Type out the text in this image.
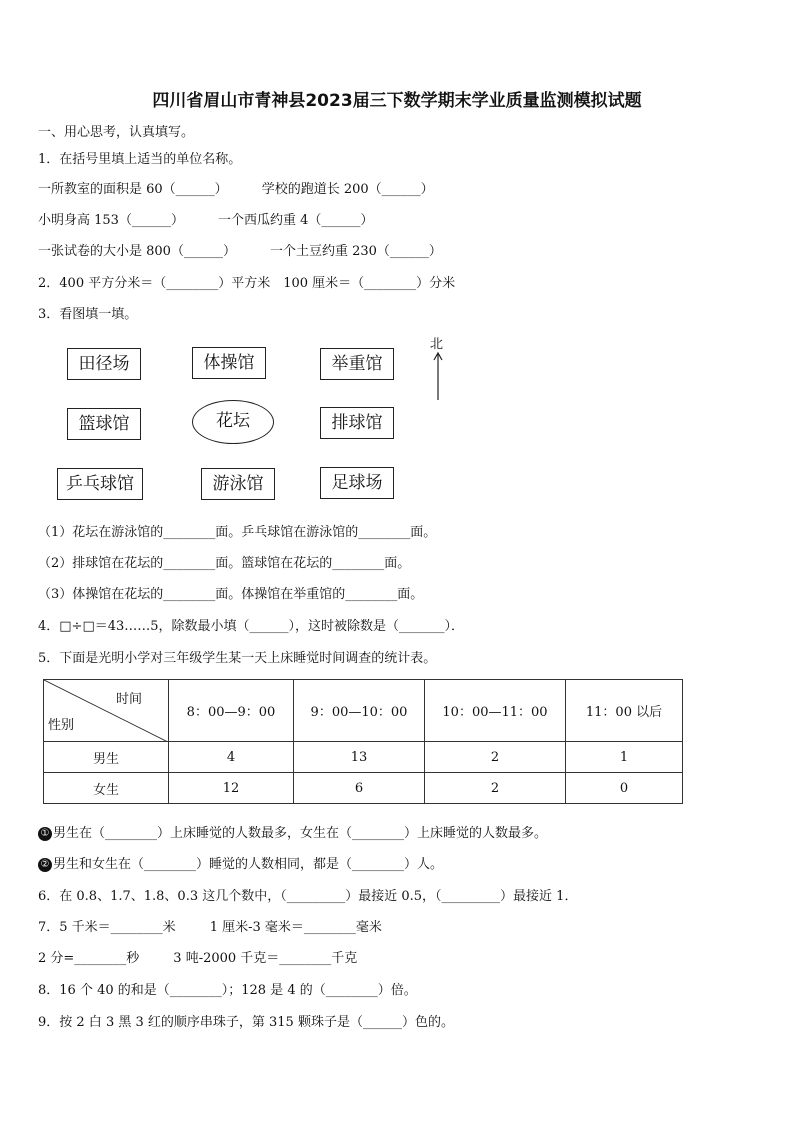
四川省眉山市青神县2023届三下数学期末学业质量监测模拟试题
一、用心思考，认真填写。
1．在括号里填上适当的单位名称。
一所教室的面积是 60（______）	学校的跑道长 200（______）
小明身高 153（______）	一个西瓜约重 4（______）
一张试卷的大小是 800（______）	一个土豆约重 230（______）
2．400 平方分米＝（________）平方米　100 厘米＝（________）分米
3．看图填一填。
田径场	体操馆	举重馆
篮球馆	花坛	排球馆
乒乓球馆	游泳馆	足球场
北
（1）花坛在游泳馆的________面。乒乓球馆在游泳馆的________面。
（2）排球馆在花坛的________面。篮球馆在花坛的________面。
（3）体操馆在花坛的________面。体操馆在举重馆的________面。
4．□÷□＝43……5，除数最小填（______），这时被除数是（_______）．
5．下面是光明小学对三年级学生某一天上床睡觉时间调查的统计表。
时间
性别	8：00—9：00	9：00—10：00	10：00—11：00	11：00 以后
男生	4	13	2	1
女生	12	6	2	0
① 男生在（________）上床睡觉的人数最多，女生在（________）上床睡觉的人数最多。
② 男生和女生在（________）睡觉的人数相同，都是（________）人。
6．在 0.8、1.7、1.8、0.3 这几个数中，（_________）最接近 0.5，（_________）最接近 1．
7．5 千米＝________米	1 厘米-3 毫米＝________毫米
2 分=________秒	3 吨-2000 千克＝________千克
8．16 个 40 的和是（________）；128 是 4 的（________）倍。
9．按 2 白 3 黑 3 红的顺序串珠子，第 315 颗珠子是（______）色的。
